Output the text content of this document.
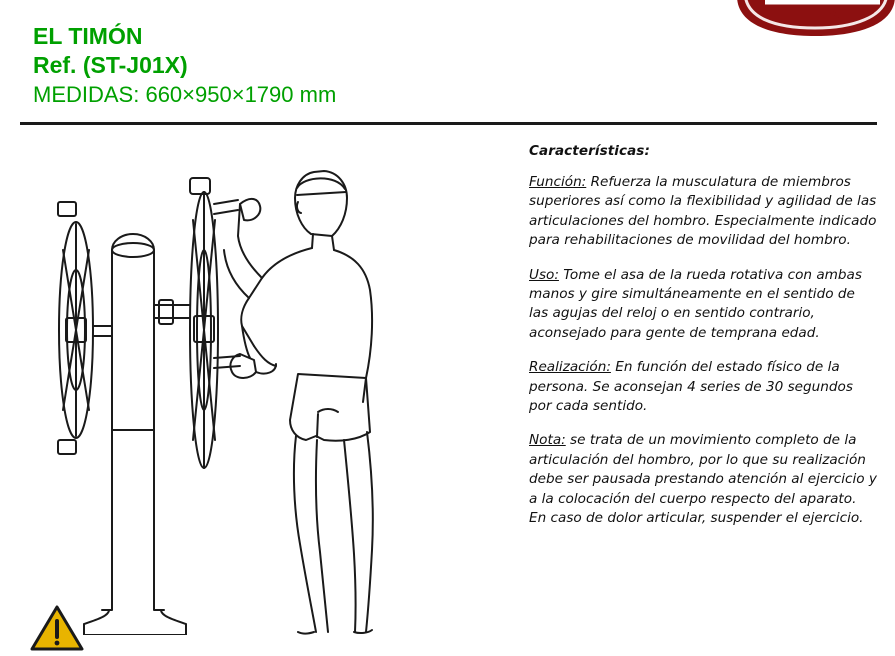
EL TIMÓN
Ref. (ST-J01X)
MEDIDAS: 660×950×1790 mm
Características:
Función: Refuerza la musculatura de miembros superiores así como la flexibilidad y agilidad de las articulaciones del hombro. Especialmente indicado para rehabilitaciones de movilidad del hombro.
Uso: Tome el asa de la rueda rotativa con ambas manos y gire simultáneamente en el sentido de las agujas del reloj o en sentido contrario, aconsejado para gente de temprana edad.
Realización: En función del estado físico de la persona. Se aconsejan 4 series de 30 segundos por cada sentido.
Nota: se trata de un movimiento completo de la articulación del hombro, por lo que su realización debe ser pausada prestando atención al ejercicio y a la colocación del cuerpo respecto del aparato. En caso de dolor articular, suspender el ejercicio.
